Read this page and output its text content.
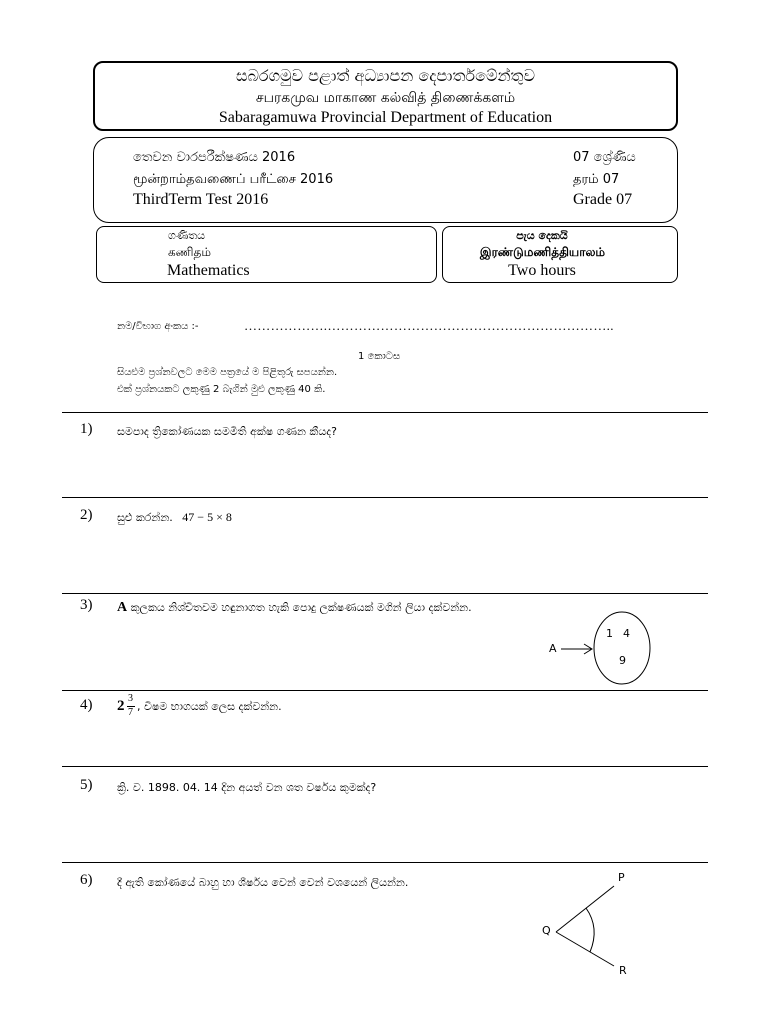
සබරගමුව පළාත් අධ්‍යාපන දෙපාර්තමේන්තුව
சபரகமுவ மாகாண கல்வித் திணைக்களம்
Sabaragamuwa Provincial Department of Education
තෙවන වාරපරීක්ෂණය 2016
மூன்றாம்தவணைப் பரீட்சை 2016
ThirdTerm Test 2016
07 ශ්‍රේණිය
தரம் 07
Grade 07
ගණිතය
கணிதம்
Mathematics
පැය දෙකයි
இரண்டுமணித்தியாலம்
Two hours
නම/විභාග අංකය :-	……………….………………………………………………………..
1 කොටස
සියළුම ප්‍රශ්නවලට මෙම පත්‍රයේ ම පිළිතුරු සපයන්න.
එක් ප්‍රශ්නයකට ලකුණු 2 බැගින් මුළු ලකුණු 40 කි.
1) සමපාද ත්‍රිකෝණයක සමමිති අක්ෂ ගණන කීයද?
2) සුළු කරන්න. 47 − 5 × 8
3) A කුලකය නිශ්චිතවම හඳුනාගත හැකි පොදු ලක්ෂණයක් මගින් ලියා දක්වන්න.
A
1 4
9
4) 2 3
7 , විෂම භාගයක් ලෙස දක්වන්න.
5) ක්‍රි. ව. 1898. 04. 14 දින අයත් වන ශත වර්ෂය කුමක්ද?
6) දී ඇති කෝණයේ බාහු හා ශීර්ෂය වෙන් වෙන් වශයෙන් ලියන්න.	P
Q
R
